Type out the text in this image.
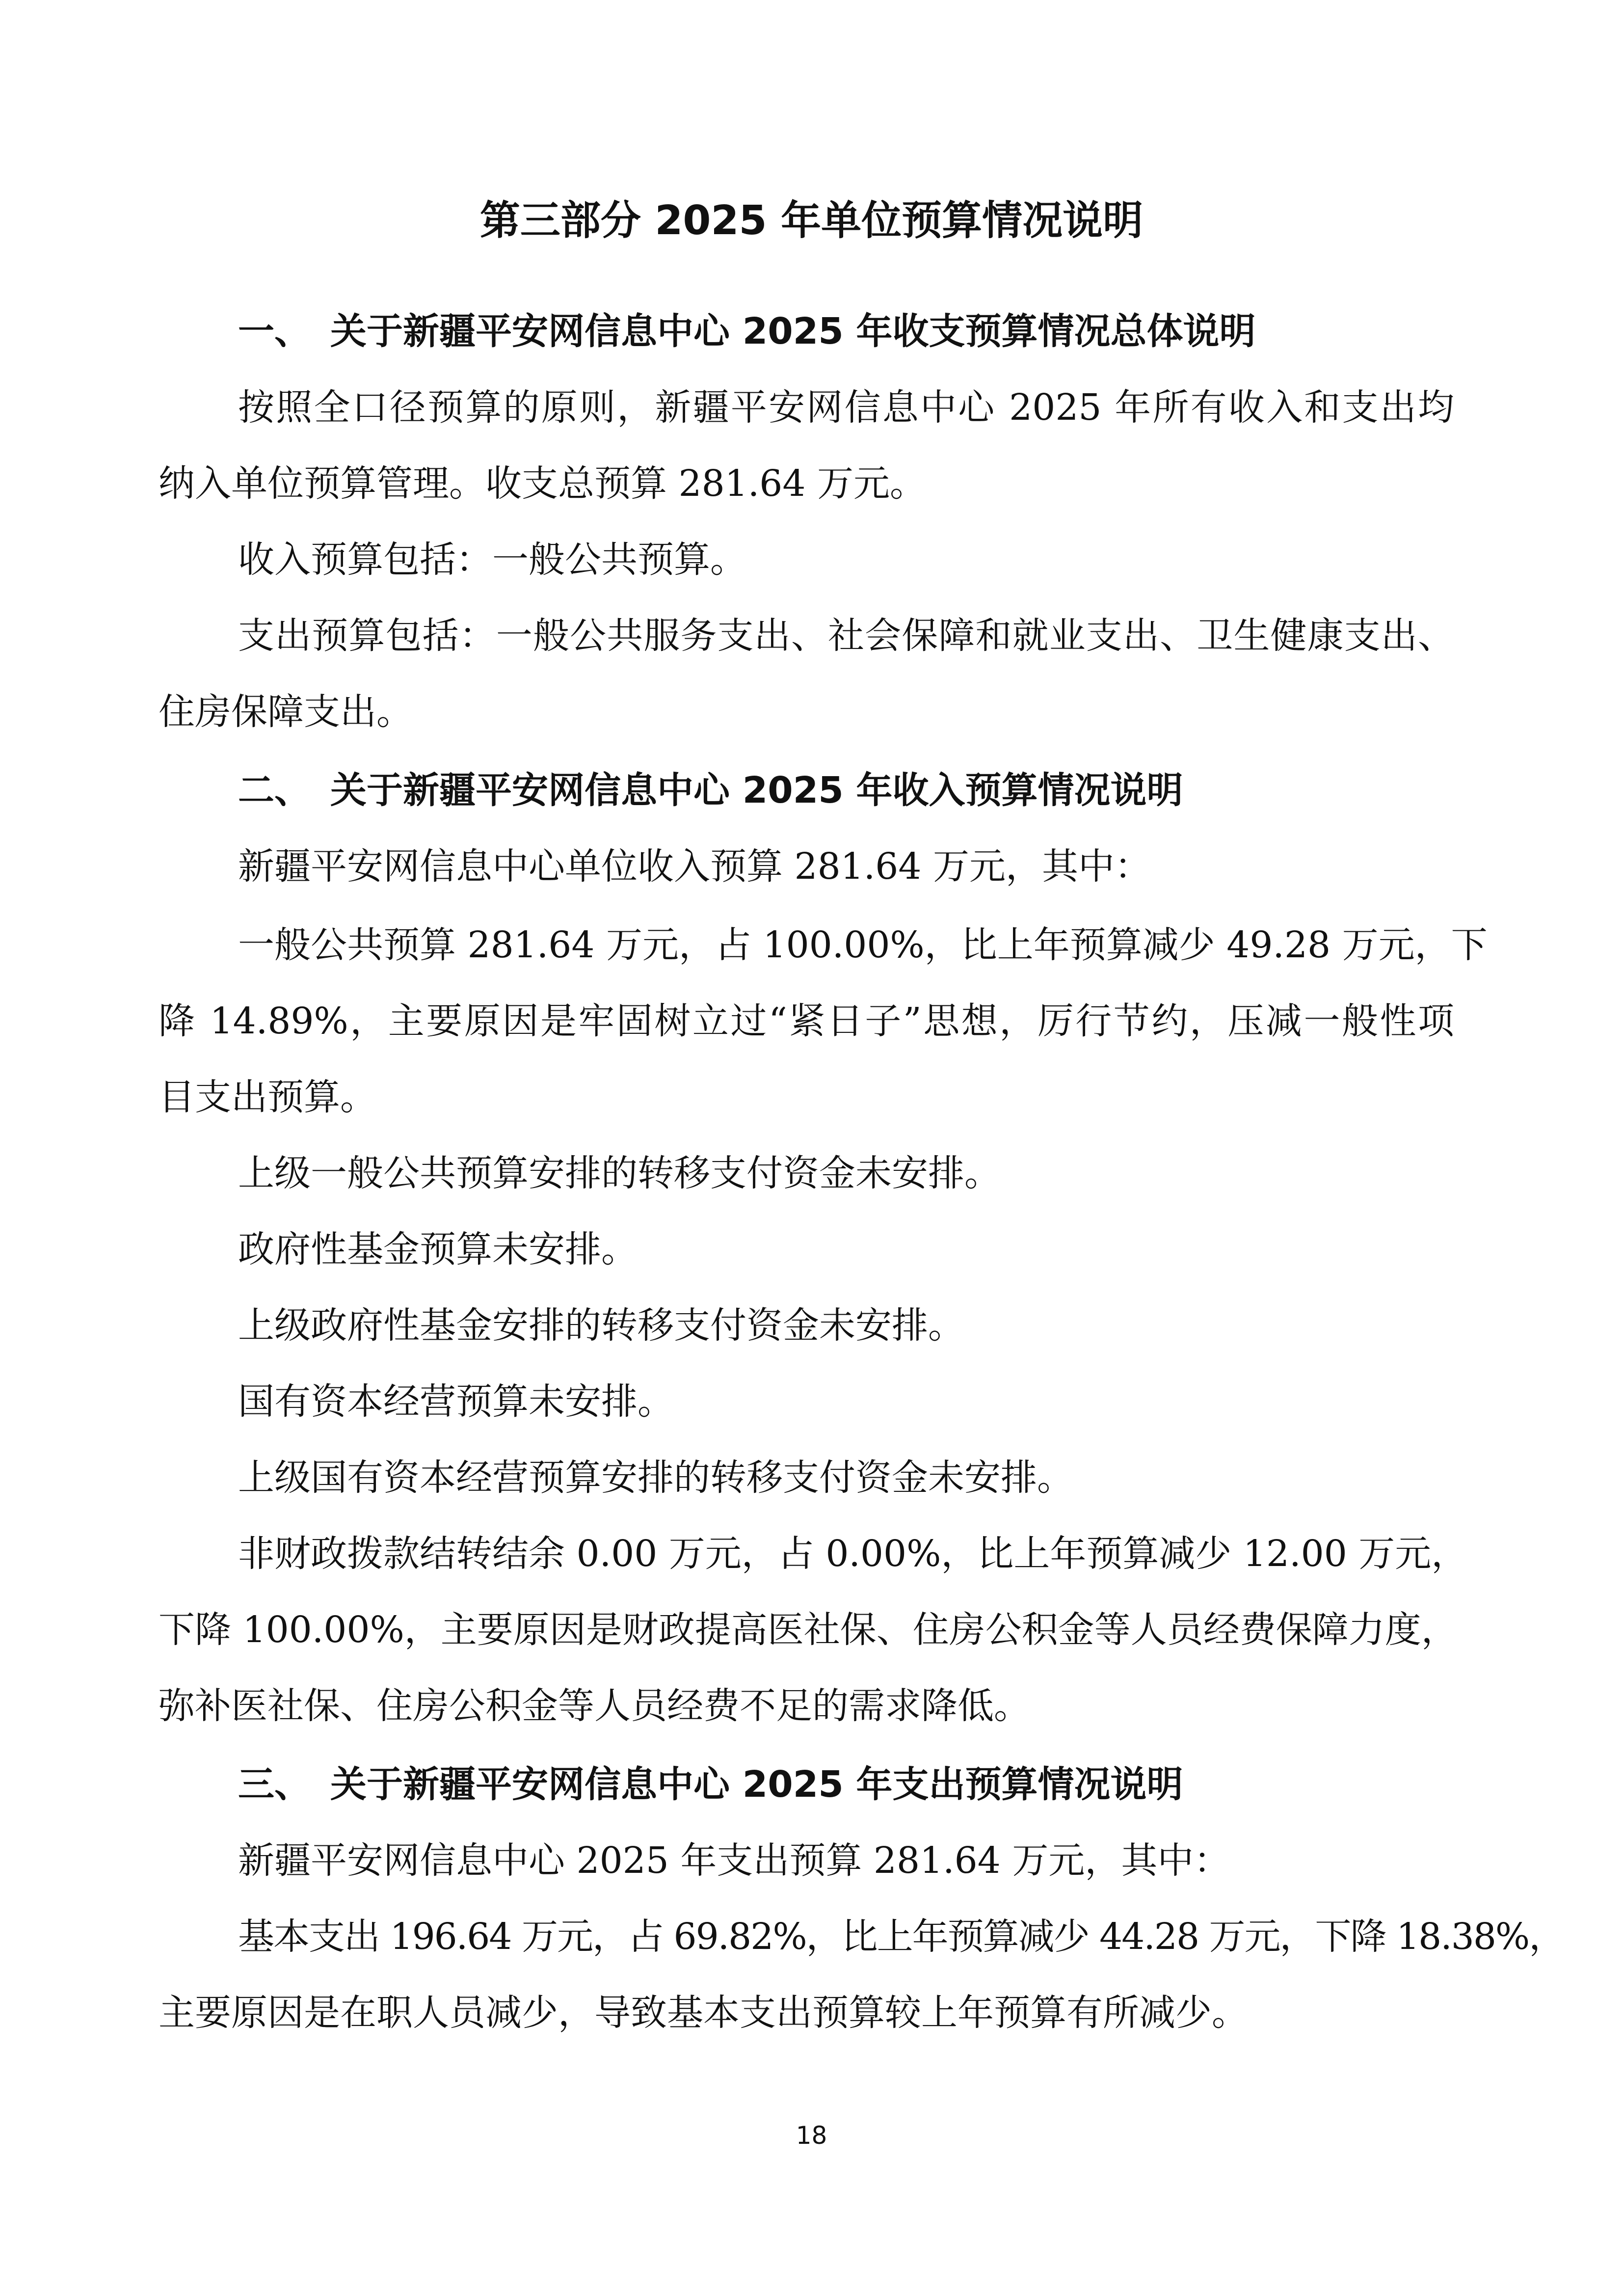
第三部分 2025 年单位预算情况说明
一、 关于新疆平安网信息中心 2025 年收支预算情况总体说明
按照全口径预算的原则，新疆平安网信息中心 2025 年所有收入和支出均
纳入单位预算管理。收支总预算 281.64 万元。
收入预算包括：一般公共预算。
支出预算包括：一般公共服务支出、社会保障和就业支出、卫生健康支出、
住房保障支出。
二、 关于新疆平安网信息中心 2025 年收入预算情况说明
新疆平安网信息中心单位收入预算 281.64 万元，其中：
一般公共预算 281.64 万元，占 100.00%，比上年预算减少 49.28 万元，下
降 14.89%，主要原因是牢固树立过“紧日子”思想，厉行节约，压减一般性项
目支出预算。
上级一般公共预算安排的转移支付资金未安排。
政府性基金预算未安排。
上级政府性基金安排的转移支付资金未安排。
国有资本经营预算未安排。
上级国有资本经营预算安排的转移支付资金未安排。
非财政拨款结转结余 0.00 万元，占 0.00%，比上年预算减少 12.00 万元，
下降 100.00%，主要原因是财政提高医社保、住房公积金等人员经费保障力度，
弥补医社保、住房公积金等人员经费不足的需求降低。
三、 关于新疆平安网信息中心 2025 年支出预算情况说明
新疆平安网信息中心 2025 年支出预算 281.64 万元，其中：
基本支出 196.64 万元，占 69.82%，比上年预算减少 44.28 万元，下降 18.38%，
主要原因是在职人员减少，导致基本支出预算较上年预算有所减少。
18
